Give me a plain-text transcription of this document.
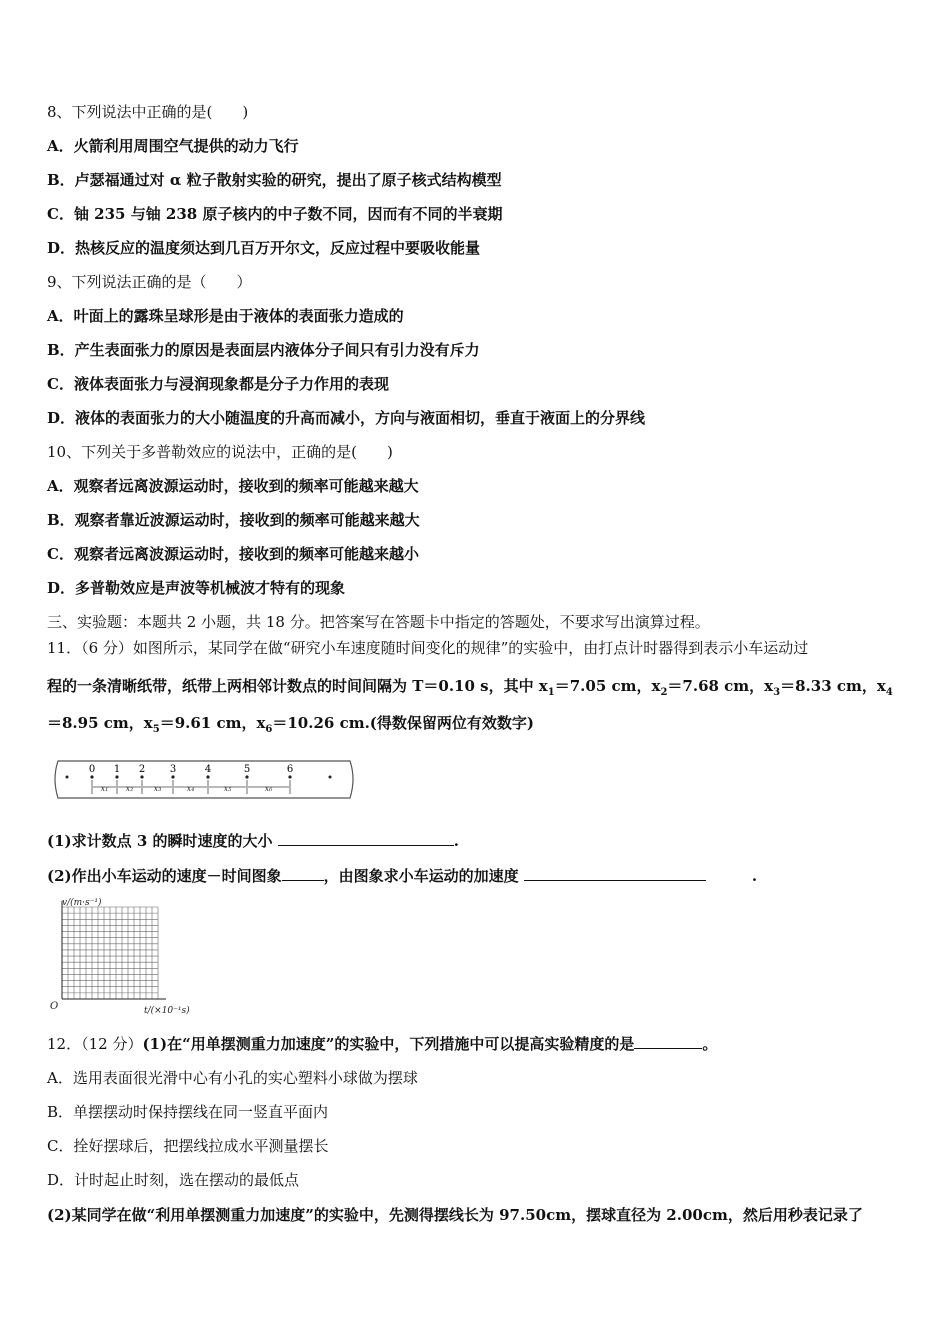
8、下列说法中正确的是(　　)
A．火箭利用周围空气提供的动力飞行
B．卢瑟福通过对 α 粒子散射实验的研究，提出了原子核式结构模型
C．铀 235 与铀 238 原子核内的中子数不同，因而有不同的半衰期
D．热核反应的温度须达到几百万开尔文，反应过程中要吸收能量
9、下列说法正确的是（　　）
A．叶面上的露珠呈球形是由于液体的表面张力造成的
B．产生表面张力的原因是表面层内液体分子间只有引力没有斥力
C．液体表面张力与浸润现象都是分子力作用的表现
D．液体的表面张力的大小随温度的升高而减小，方向与液面相切，垂直于液面上的分界线
10、下列关于多普勒效应的说法中，正确的是(　　)
A．观察者远离波源运动时，接收到的频率可能越来越大
B．观察者靠近波源运动时，接收到的频率可能越来越大
C．观察者远离波源运动时，接收到的频率可能越来越小
D．多普勒效应是声波等机械波才特有的现象
三、实验题：本题共 2 小题，共 18 分。把答案写在答题卡中指定的答题处，不要求写出演算过程。
11．（6 分）如图所示，某同学在做“研究小车速度随时间变化的规律”的实验中，由打点计时器得到表示小车运动过
程的一条清晰纸带，纸带上两相邻计数点的时间间隔为 T＝0.10 s，其中 $x_1=7.05$ cm，$x_2=7.68$ cm，$x_3=8.33$ cm，$x_4$
＝8.95 cm，$x_5=9.61$ cm，$x_6=10.26$ cm.(得数保留两位有效数字)
0 1 2 3	4	5	6
x₁ x₂	x₃	x₄	x₅	x₆
(1)求计数点 3 的瞬时速度的大小	.
(2)作出小车运动的速度－时间图象	，由图象求小车运动的加速度	.
v/(m·s⁻¹)
O	t/(×10⁻¹s)
12．（12 分）(1)在“用单摆测重力加速度”的实验中，下列措施中可以提高实验精度的是	。
A．选用表面很光滑中心有小孔的实心塑料小球做为摆球
B．单摆摆动时保持摆线在同一竖直平面内
C．拴好摆球后，把摆线拉成水平测量摆长
D．计时起止时刻，选在摆动的最低点
(2)某同学在做“利用单摆测重力加速度”的实验中，先测得摆线长为 97.50cm，摆球直径为 2.00cm，然后用秒表记录了
